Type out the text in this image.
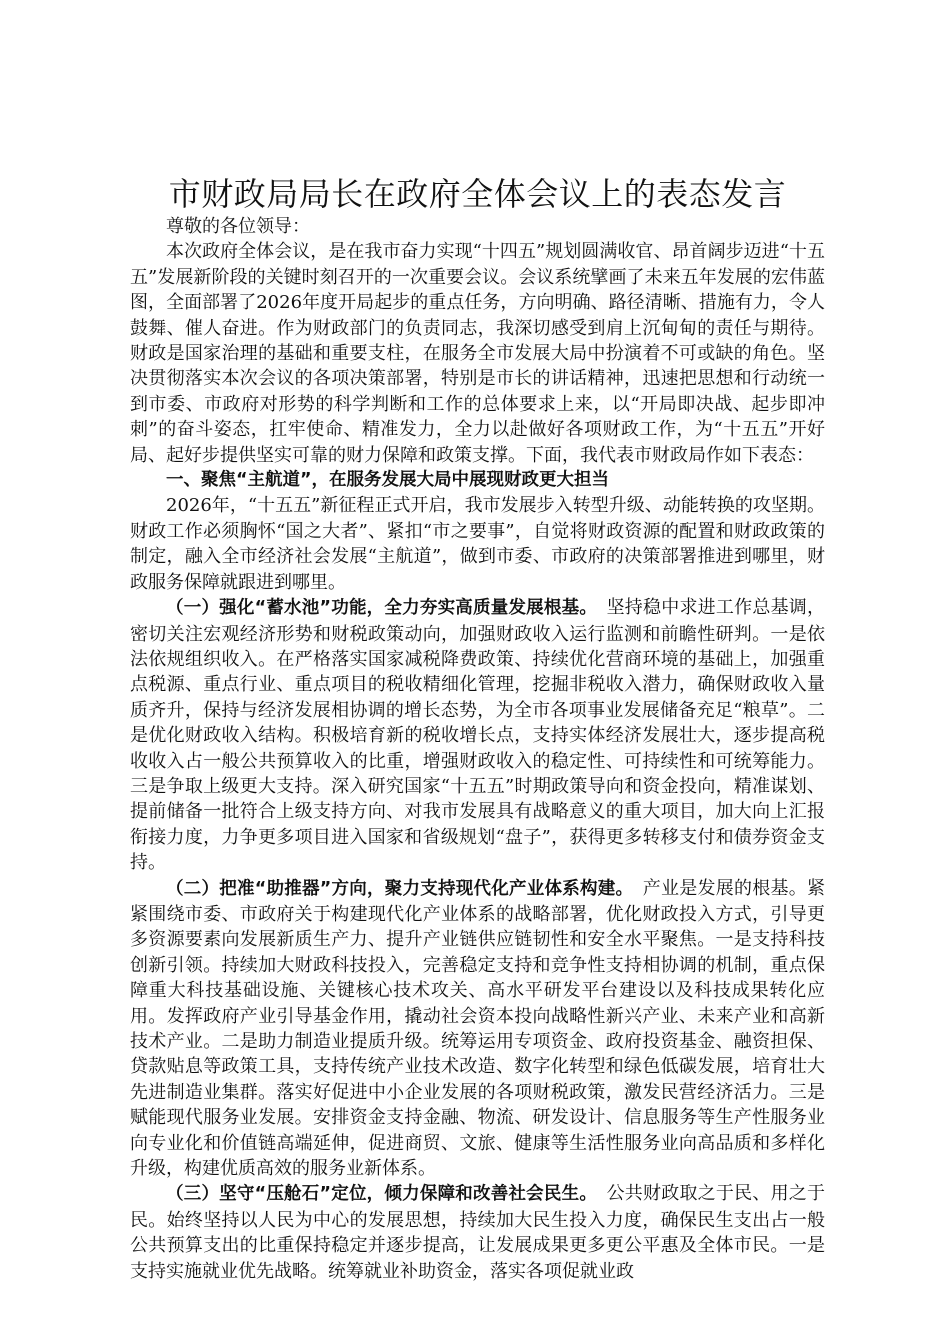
市财政局局长在政府全体会议上的表态发言

尊敬的各位领导：

本次政府全体会议，是在我市奋力实现“十四五”规划圆满收官、昂首阔步迈进“十五五”发展新阶段的关键时刻召开的一次重要会议。会议系统擘画了未来五年发展的宏伟蓝图，全面部署了2026年度开局起步的重点任务，方向明确、路径清晰、措施有力，令人鼓舞、催人奋进。作为财政部门的负责同志，我深切感受到肩上沉甸甸的责任与期待。财政是国家治理的基础和重要支柱，在服务全市发展大局中扮演着不可或缺的角色。坚决贯彻落实本次会议的各项决策部署，特别是市长的讲话精神，迅速把思想和行动统一到市委、市政府对形势的科学判断和工作的总体要求上来，以“开局即决战、起步即冲刺”的奋斗姿态，扛牢使命、精准发力，全力以赴做好各项财政工作，为“十五五”开好局、起好步提供坚实可靠的财力保障和政策支撑。下面，我代表市财政局作如下表态：

一、聚焦“主航道”，在服务发展大局中展现财政更大担当

2026年，“十五五”新征程正式开启，我市发展步入转型升级、动能转换的攻坚期。财政工作必须胸怀“国之大者”、紧扣“市之要事”，自觉将财政资源的配置和财政政策的制定，融入全市经济社会发展“主航道”，做到市委、市政府的决策部署推进到哪里，财政服务保障就跟进到哪里。

（一）强化“蓄水池”功能，全力夯实高质量发展根基。　 坚持稳中求进工作总基调，密切关注宏观经济形势和财税政策动向，加强财政收入运行监测和前瞻性研判。一是依法依规组织收入。在严格落实国家减税降费政策、持续优化营商环境的基础上，加强重点税源、重点行业、重点项目的税收精细化管理，挖掘非税收入潜力，确保财政收入量质齐升，保持与经济发展相协调的增长态势，为全市各项事业发展储备充足“粮草”。二是优化财政收入结构。积极培育新的税收增长点，支持实体经济发展壮大，逐步提高税收收入占一般公共预算收入的比重，增强财政收入的稳定性、可持续性和可统筹能力。三是争取上级更大支持。深入研究国家“十五五”时期政策导向和资金投向，精准谋划、提前储备一批符合上级支持方向、对我市发展具有战略意义的重大项目，加大向上汇报衔接力度，力争更多项目进入国家和省级规划“盘子”，获得更多转移支付和债券资金支持。

（二）把准“助推器”方向，聚力支持现代化产业体系构建。　 产业是发展的根基。紧紧围绕市委、市政府关于构建现代化产业体系的战略部署，优化财政投入方式，引导更多资源要素向发展新质生产力、提升产业链供应链韧性和安全水平聚焦。一是支持科技创新引领。持续加大财政科技投入，完善稳定支持和竞争性支持相协调的机制，重点保障重大科技基础设施、关键核心技术攻关、高水平研发平台建设以及科技成果转化应用。发挥政府产业引导基金作用，撬动社会资本投向战略性新兴产业、未来产业和高新技术产业。二是助力制造业提质升级。统筹运用专项资金、政府投资基金、融资担保、贷款贴息等政策工具，支持传统产业技术改造、数字化转型和绿色低碳发展，培育壮大先进制造业集群。落实好促进中小企业发展的各项财税政策，激发民营经济活力。三是赋能现代服务业发展。安排资金支持金融、物流、研发设计、信息服务等生产性服务业向专业化和价值链高端延伸，促进商贸、文旅、健康等生活性服务业向高品质和多样化升级，构建优质高效的服务业新体系。

（三）坚守“压舱石”定位，倾力保障和改善社会民生。　 公共财政取之于民、用之于民。始终坚持以人民为中心的发展思想，持续加大民生投入力度，确保民生支出占一般公共预算支出的比重保持稳定并逐步提高，让发展成果更多更公平惠及全体市民。一是支持实施就业优先战略。统筹就业补助资金，落实各项促就业政
